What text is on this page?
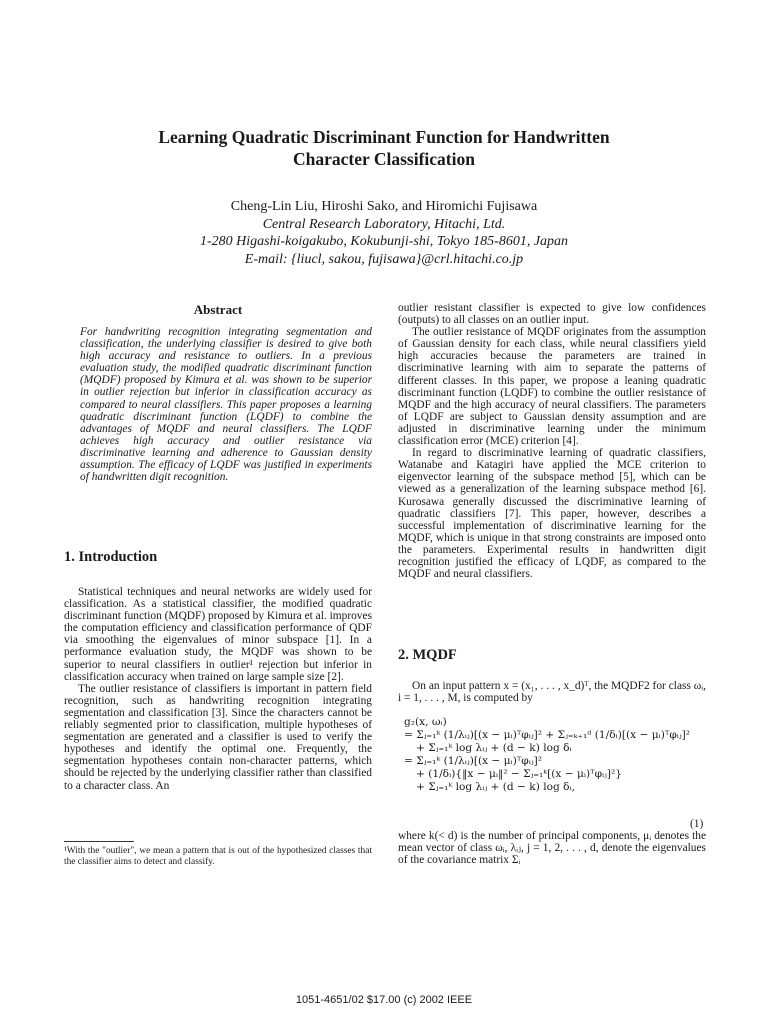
Learning Quadratic Discriminant Function for Handwritten
Character Classification
Cheng-Lin Liu, Hiroshi Sako, and Hiromichi Fujisawa
Central Research Laboratory, Hitachi, Ltd.
1-280 Higashi-koigakubo, Kokubunji-shi, Tokyo 185-8601, Japan
E-mail: {liucl, sakou, fujisawa}@crl.hitachi.co.jp
Abstract

For handwriting recognition integrating segmentation and classification, the underlying classifier is desired to give both high accuracy and resistance to outliers. In a previous evaluation study, the modified quadratic discriminant function (MQDF) proposed by Kimura et al. was shown to be superior in outlier rejection but inferior in classification accuracy as compared to neural classifiers. This paper proposes a learning quadratic discriminant function (LQDF) to combine the advantages of MQDF and neural classifiers. The LQDF achieves high accuracy and outlier resistance via discriminative learning and adherence to Gaussian density assumption. The efficacy of LQDF was justified in experiments of handwritten digit recognition.

1. Introduction

Statistical techniques and neural networks are widely used for classification. As a statistical classifier, the modified quadratic discriminant function (MQDF) proposed by Kimura et al. improves the computation efficiency and classification performance of QDF via smoothing the eigenvalues of minor subspace [1]. In a performance evaluation study, the MQDF was shown to be superior to neural classifiers in outlier¹ rejection but inferior in classification accuracy when trained on large sample size [2].

The outlier resistance of classifiers is important in pattern field recognition, such as handwriting recognition integrating segmentation and classification [3]. Since the characters cannot be reliably segmented prior to classification, multiple hypotheses of segmentation are generated and a classifier is used to verify the hypotheses and identify the optimal one. Frequently, the segmentation hypotheses contain non-character patterns, which should be rejected by the underlying classifier rather than classified to a character class. An

¹With the "outlier", we mean a pattern that is out of the hypothesized classes that the classifier aims to detect and classify.

outlier resistant classifier is expected to give low confidences (outputs) to all classes on an outlier input.

The outlier resistance of MQDF originates from the assumption of Gaussian density for each class, while neural classifiers yield high accuracies because the parameters are trained in discriminative learning with aim to separate the patterns of different classes. In this paper, we propose a leaning quadratic discriminant function (LQDF) to combine the outlier resistance of MQDF and the high accuracy of neural classifiers. The parameters of LQDF are subject to Gaussian density assumption and are adjusted in discriminative learning under the minimum classification error (MCE) criterion [4].

In regard to discriminative learning of quadratic classifiers, Watanabe and Katagiri have applied the MCE criterion to eigenvector learning of the subspace method [5], which can be viewed as a generalization of the learning subspace method [6]. Kurosawa generally discussed the discriminative learning of quadratic classifiers [7]. This paper, however, describes a successful implementation of discriminative learning for the MQDF, which is unique in that strong constraints are imposed onto the parameters. Experimental results in handwritten digit recognition justified the efficacy of LQDF, as compared to the MQDF and neural classifiers.

2. MQDF

On an input pattern x = (x₁, . . . , x_d)ᵀ, the MQDF2 for class ωᵢ, i = 1, . . . , M, is computed by

g₂(x, ωᵢ)
= Σⱼ₌₁ᵏ (1/λᵢⱼ)[(x − μᵢ)ᵀφᵢⱼ]² + Σⱼ₌ₖ₊₁ᵈ (1/δᵢ)[(x − μᵢ)ᵀφᵢⱼ]²
+ Σⱼ₌₁ᵏ log λᵢⱼ + (d − k) log δᵢ
= Σⱼ₌₁ᵏ (1/λᵢⱼ)[(x − μᵢ)ᵀφᵢⱼ]²
+ (1/δᵢ){‖x − μᵢ‖² − Σⱼ₌₁ᵏ[(x − μᵢ)ᵀφᵢⱼ]²}
+ Σⱼ₌₁ᵏ log λᵢⱼ + (d − k) log δᵢ,
(1)

where k(< d) is the number of principal components, μᵢ denotes the mean vector of class ωᵢ, λᵢⱼ, j = 1, 2, . . . , d, denote the eigenvalues of the covariance matrix Σᵢ

1051-4651/02 $17.00 (c) 2002 IEEE
